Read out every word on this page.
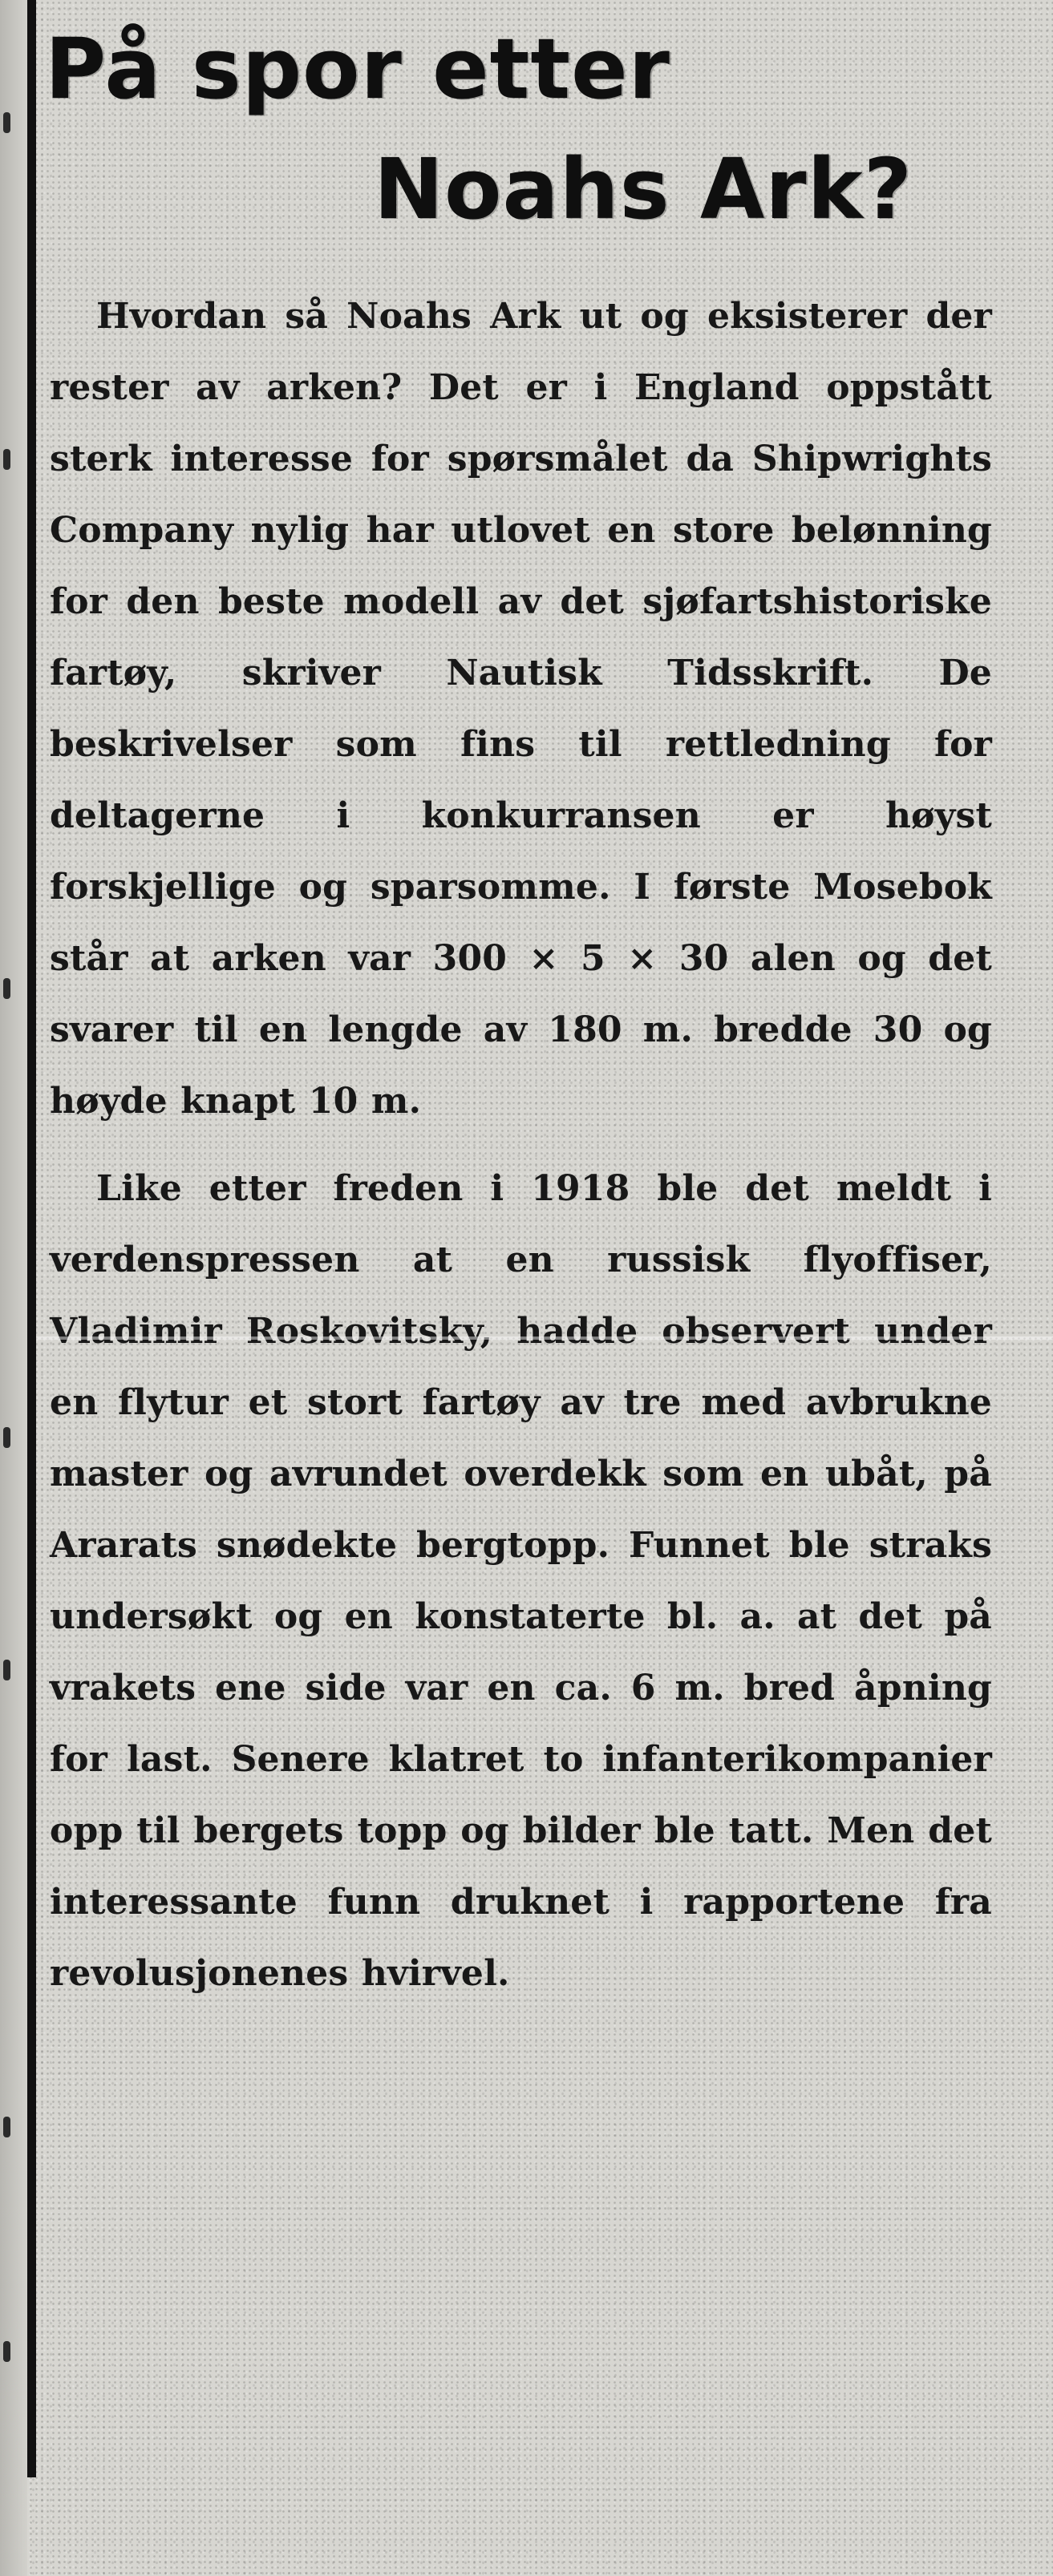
På spor etter
Noahs Ark?

Hvordan så Noahs Ark ut og eksisterer der rester av arken? Det er i England oppstått sterk interesse for spørsmålet da Shipwrights Company nylig har utlovet en store belønning for den beste modell av det sjøfartshistoriske fartøy, skriver Nautisk Tidsskrift. De beskrivelser som fins til rettledning for deltagerne i konkurransen er høyst forskjellige og sparsomme. I første Mosebok står at arken var 300 × 5 × 30 alen og det svarer til en lengde av 180 m. bredde 30 og høyde knapt 10 m.

Like etter freden i 1918 ble det meldt i verdenspressen at en russisk flyoffiser, Vladimir Roskovitsky, hadde observert under en flytur et stort fartøy av tre med avbrukne master og avrundet overdekk som en ubåt, på Ararats snødekte bergtopp. Funnet ble straks undersøkt og en konstaterte bl. a. at det på vrakets ene side var en ca. 6 m. bred åpning for last. Senere klatret to infanterikompanier opp til bergets topp og bilder ble tatt. Men det interessante funn druknet i rapportene fra revolusjonenes hvirvel.
